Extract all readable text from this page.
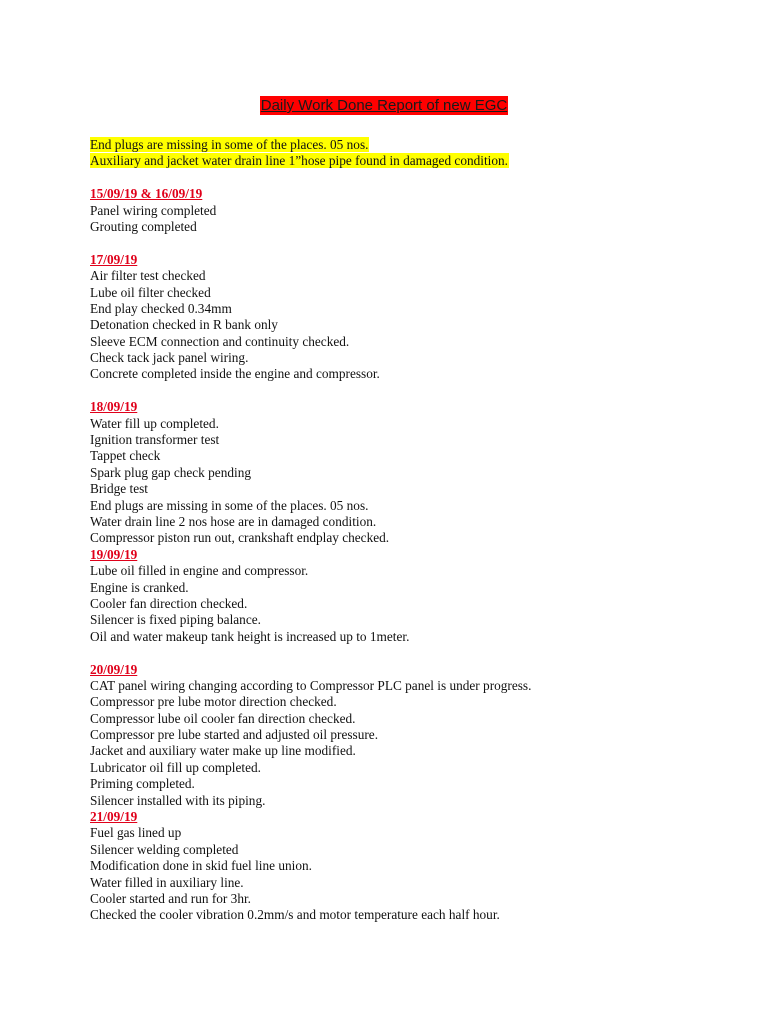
Daily Work Done Report of new EGC
End plugs are missing in some of the places. 05 nos.
Auxiliary and jacket water drain line 1”hose pipe found in damaged condition.
15/09/19 & 16/09/19
Panel wiring completed
Grouting completed
17/09/19
Air filter test checked
Lube oil filter checked
End play checked 0.34mm
Detonation checked in R bank only
Sleeve ECM connection and continuity checked.
Check tack jack panel wiring.
Concrete completed inside the engine and compressor.
18/09/19
Water fill up completed.
Ignition transformer test
Tappet check
Spark plug gap check pending
Bridge test
End plugs are missing in some of the places. 05 nos.
Water drain line 2 nos hose are in damaged condition.
Compressor piston run out, crankshaft endplay checked.
19/09/19
Lube oil filled in engine and compressor.
Engine is cranked.
Cooler fan direction checked.
Silencer is fixed piping balance.
Oil and water makeup tank height is increased up to 1meter.
20/09/19
CAT panel wiring changing according to Compressor PLC panel is under progress.
Compressor pre lube motor direction checked.
Compressor lube oil cooler fan direction checked.
Compressor pre lube started and adjusted oil pressure.
Jacket and auxiliary water make up line modified.
Lubricator oil fill up completed.
Priming completed.
Silencer installed with its piping.
21/09/19
Fuel gas lined up
Silencer welding completed
Modification done in skid fuel line union.
Water filled in auxiliary line.
Cooler started and run for 3hr.
Checked the cooler vibration 0.2mm/s and motor temperature each half hour.
